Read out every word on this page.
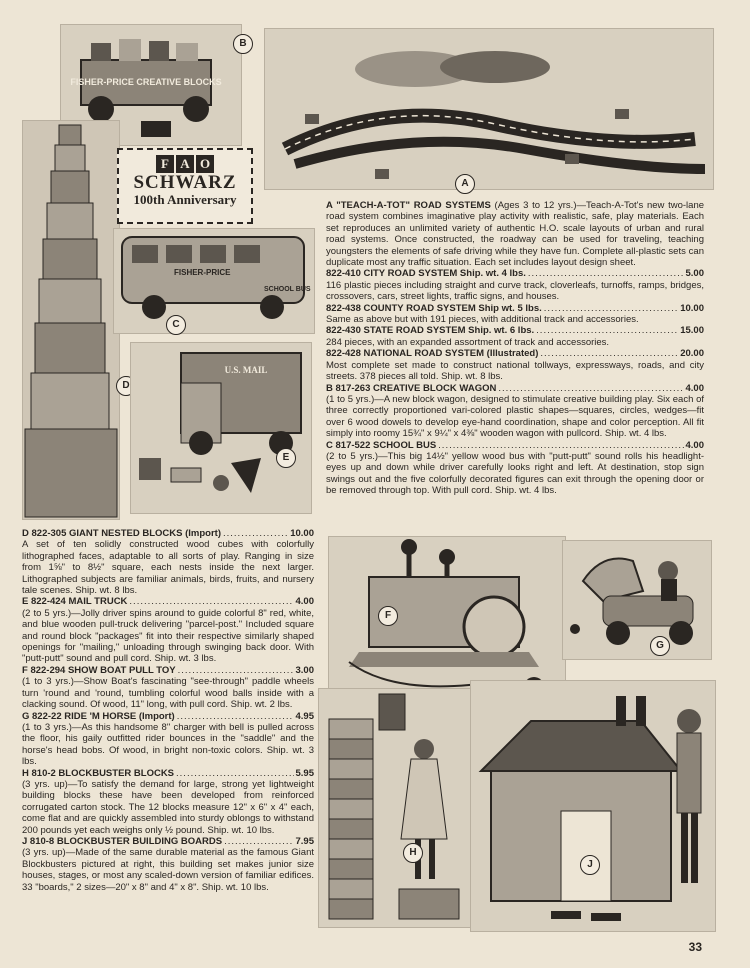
FISHER-PRICE CREATIVE BLOCKS
B
A
D
F A O
SCHWARZ
100th Anniversary
FISHER-PRICE
SCHOOL BUS
C
U.S. MAIL
E
A "TEACH-A-TOT" ROAD SYSTEMS (Ages 3 to 12 yrs.)—Teach-A-Tot's new two-lane road system combines imaginative play activity with realistic, safe, play materials. Each set reproduces an unlimited variety of authentic H.O. scale layouts of urban and rural road systems. Once constructed, the roadway can be used for traveling, teaching youngsters the elements of safe driving while they have fun. Complete all-plastic sets can duplicate most any traffic situation. Each set includes layout design sheet.
822-410 CITY ROAD SYSTEM Ship. wt. 4 lbs. .....	5.00
116 plastic pieces including straight and curve track, cloverleafs, turnoffs, ramps, bridges, crossovers, cars, street lights, traffic signs, and houses.
822-438 COUNTY ROAD SYSTEM Ship wt. 5 lbs. .....	10.00
Same as above but with 191 pieces, with additional track and accessories.
822-430 STATE ROAD SYSTEM Ship. wt. 6 lbs. .....	15.00
284 pieces, with an expanded assortment of track and accessories.
822-428 NATIONAL ROAD SYSTEM (Illustrated) .....	20.00
Most complete set made to construct national tollways, expressways, roads, and city streets. 378 pieces all told. Ship. wt. 8 lbs.
B 817-263 CREATIVE BLOCK WAGON .....	4.00
(1 to 5 yrs.)—A new block wagon, designed to stimulate creative building play. Six each of three correctly proportioned vari-colored plastic shapes—squares, circles, wedges—fit over 6 wood dowels to develop eye-hand coordination, shape and color perception. All fit simply into roomy 15¾" x 9¼" x 4⅜" wooden wagon with pullcord. Ship. wt. 4 lbs.
C 817-522 SCHOOL BUS .....	4.00
(2 to 5 yrs.)—This big 14½" yellow wood bus with "putt-putt" sound rolls his headlight-eyes up and down while driver carefully looks right and left. At destination, stop sign swings out and the five colorfully decorated figures can exit through the opening door or be removed through top. With pull cord. Ship. wt. 4 lbs.
D 822-305 GIANT NESTED BLOCKS (Import) .....	10.00
A set of ten solidly constructed wood cubes with colorfully lithographed faces, adaptable to all sorts of play. Ranging in size from 1⅝" to 8½" square, each nests inside the next larger. Lithographed subjects are familiar animals, birds, fruits, and nursery tale scenes. Ship. wt. 8 lbs.
E 822-424 MAIL TRUCK .....	4.00
(2 to 5 yrs.)—Jolly driver spins around to guide colorful 8" red, white, and blue wooden pull-truck delivering "parcel-post." Included square and round block "packages" fit into their respective similarly shaped openings for "mailing," unloading through swinging back door. With "putt-putt" sound and pull cord. Ship. wt. 3 lbs.
F 822-294 SHOW BOAT PULL TOY .....	3.00
(1 to 3 yrs.)—Show Boat's fascinating "see-through" paddle wheels turn 'round and 'round, tumbling colorful wood balls inside with a clacking sound. Of wood, 11" long, with pull cord. Ship. wt. 2 lbs.
G 822-22 RIDE 'M HORSE (Import) .....	4.95
(1 to 3 yrs.)—As this handsome 8" charger with bell is pulled across the floor, his gaily outfitted rider bounces in the "saddle" and the horse's head bobs. Of wood, in bright non-toxic colors. Ship. wt. 3 lbs.
H 810-2 BLOCKBUSTER BLOCKS .....	5.95
(3 yrs. up)—To satisfy the demand for large, strong yet lightweight building blocks these have been developed from reinforced corrugated carton stock. The 12 blocks measure 12" x 6" x 4" each, come flat and are quickly assembled into sturdy oblongs to withstand 200 pounds yet each weighs only ½ pound. Ship. wt. 10 lbs.
J 810-8 BLOCKBUSTER BUILDING BOARDS .....	7.95
(3 yrs. up)—Made of the same durable material as the famous Giant Blockbusters pictured at right, this building set makes junior size houses, stages, or most any scaled-down version of familiar edifices. 33 "boards," 2 sizes—20" x 8" and 4" x 8". Ship. wt. 10 lbs.
F
G
H
J
33
